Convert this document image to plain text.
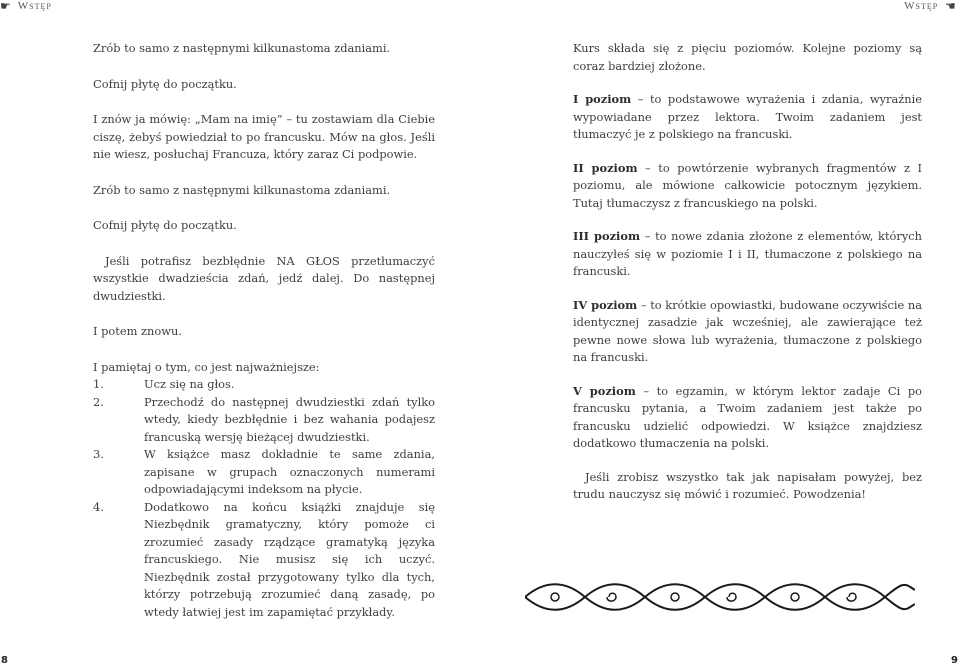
☛ Wstęp

Zrób to samo z następnymi kilkunastoma zdaniami.

Cofnij płytę do początku.

I znów ja mówię: „Mam na imię” – tu zostawiam dla Ciebie ciszę, żebyś powiedział to po francusku. Mów na głos. Jeśli nie wiesz, posłuchaj Francuza, który zaraz Ci podpowie.

Zrób to samo z następnymi kilkunastoma zdaniami.

Cofnij płytę do początku.

Jeśli potrafisz bezbłędnie NA GŁOS przetłumaczyć wszystkie dwadzieścia zdań, jedź dalej. Do następnej dwudziestki.

I potem znowu.

I pamiętaj o tym, co jest najważniejsze:

1.	Ucz się na głos.
2.	Przechodź do następnej dwudziestki zdań tylko wtedy, kiedy bezbłędnie i bez wahania podajesz francuską wersję bieżącej dwudziestki.
3.	W książce masz dokładnie te same zdania, zapisane w grupach oznaczonych numerami odpowiadającymi indeksom na płycie.
4.	Dodatkowo na końcu książki znajduje się Niezbędnik gramatyczny, który pomoże ci zrozumieć zasady rządzące gramatyką języka francuskiego. Nie musisz się ich uczyć. Niezbędnik został przygotowany tylko dla tych, którzy potrzebują zrozumieć daną zasadę, po wtedy łatwiej jest im zapamiętać przykłady.
8
Wstęp ☛

Kurs składa się z pięciu poziomów. Kolejne poziomy są coraz bardziej złożone.

I poziom – to podstawowe wyrażenia i zdania, wyraźnie wypowiadane przez lektora. Twoim zadaniem jest tłumaczyć je z polskiego na francuski.

II poziom – to powtórzenie wybranych fragmentów z I poziomu, ale mówione całkowicie potocznym językiem. Tutaj tłumaczysz z francuskiego na polski.

III poziom – to nowe zdania złożone z elementów, których nauczyłeś się w poziomie I i II, tłumaczone z polskiego na francuski.

IV poziom – to krótkie opowiastki, budowane oczywiście na identycznej zasadzie jak wcześniej, ale zawierające też pewne nowe słowa lub wyrażenia, tłumaczone z polskiego na francuski.

V poziom – to egzamin, w którym lektor zadaje Ci po francusku pytania, a Twoim zadaniem jest także po francusku udzielić odpowiedzi. W książce znajdziesz dodatkowo tłumaczenia na polski.

Jeśli zrobisz wszystko tak jak napisałam powyżej, bez trudu nauczysz się mówić i rozumieć. Powodzenia!

9
